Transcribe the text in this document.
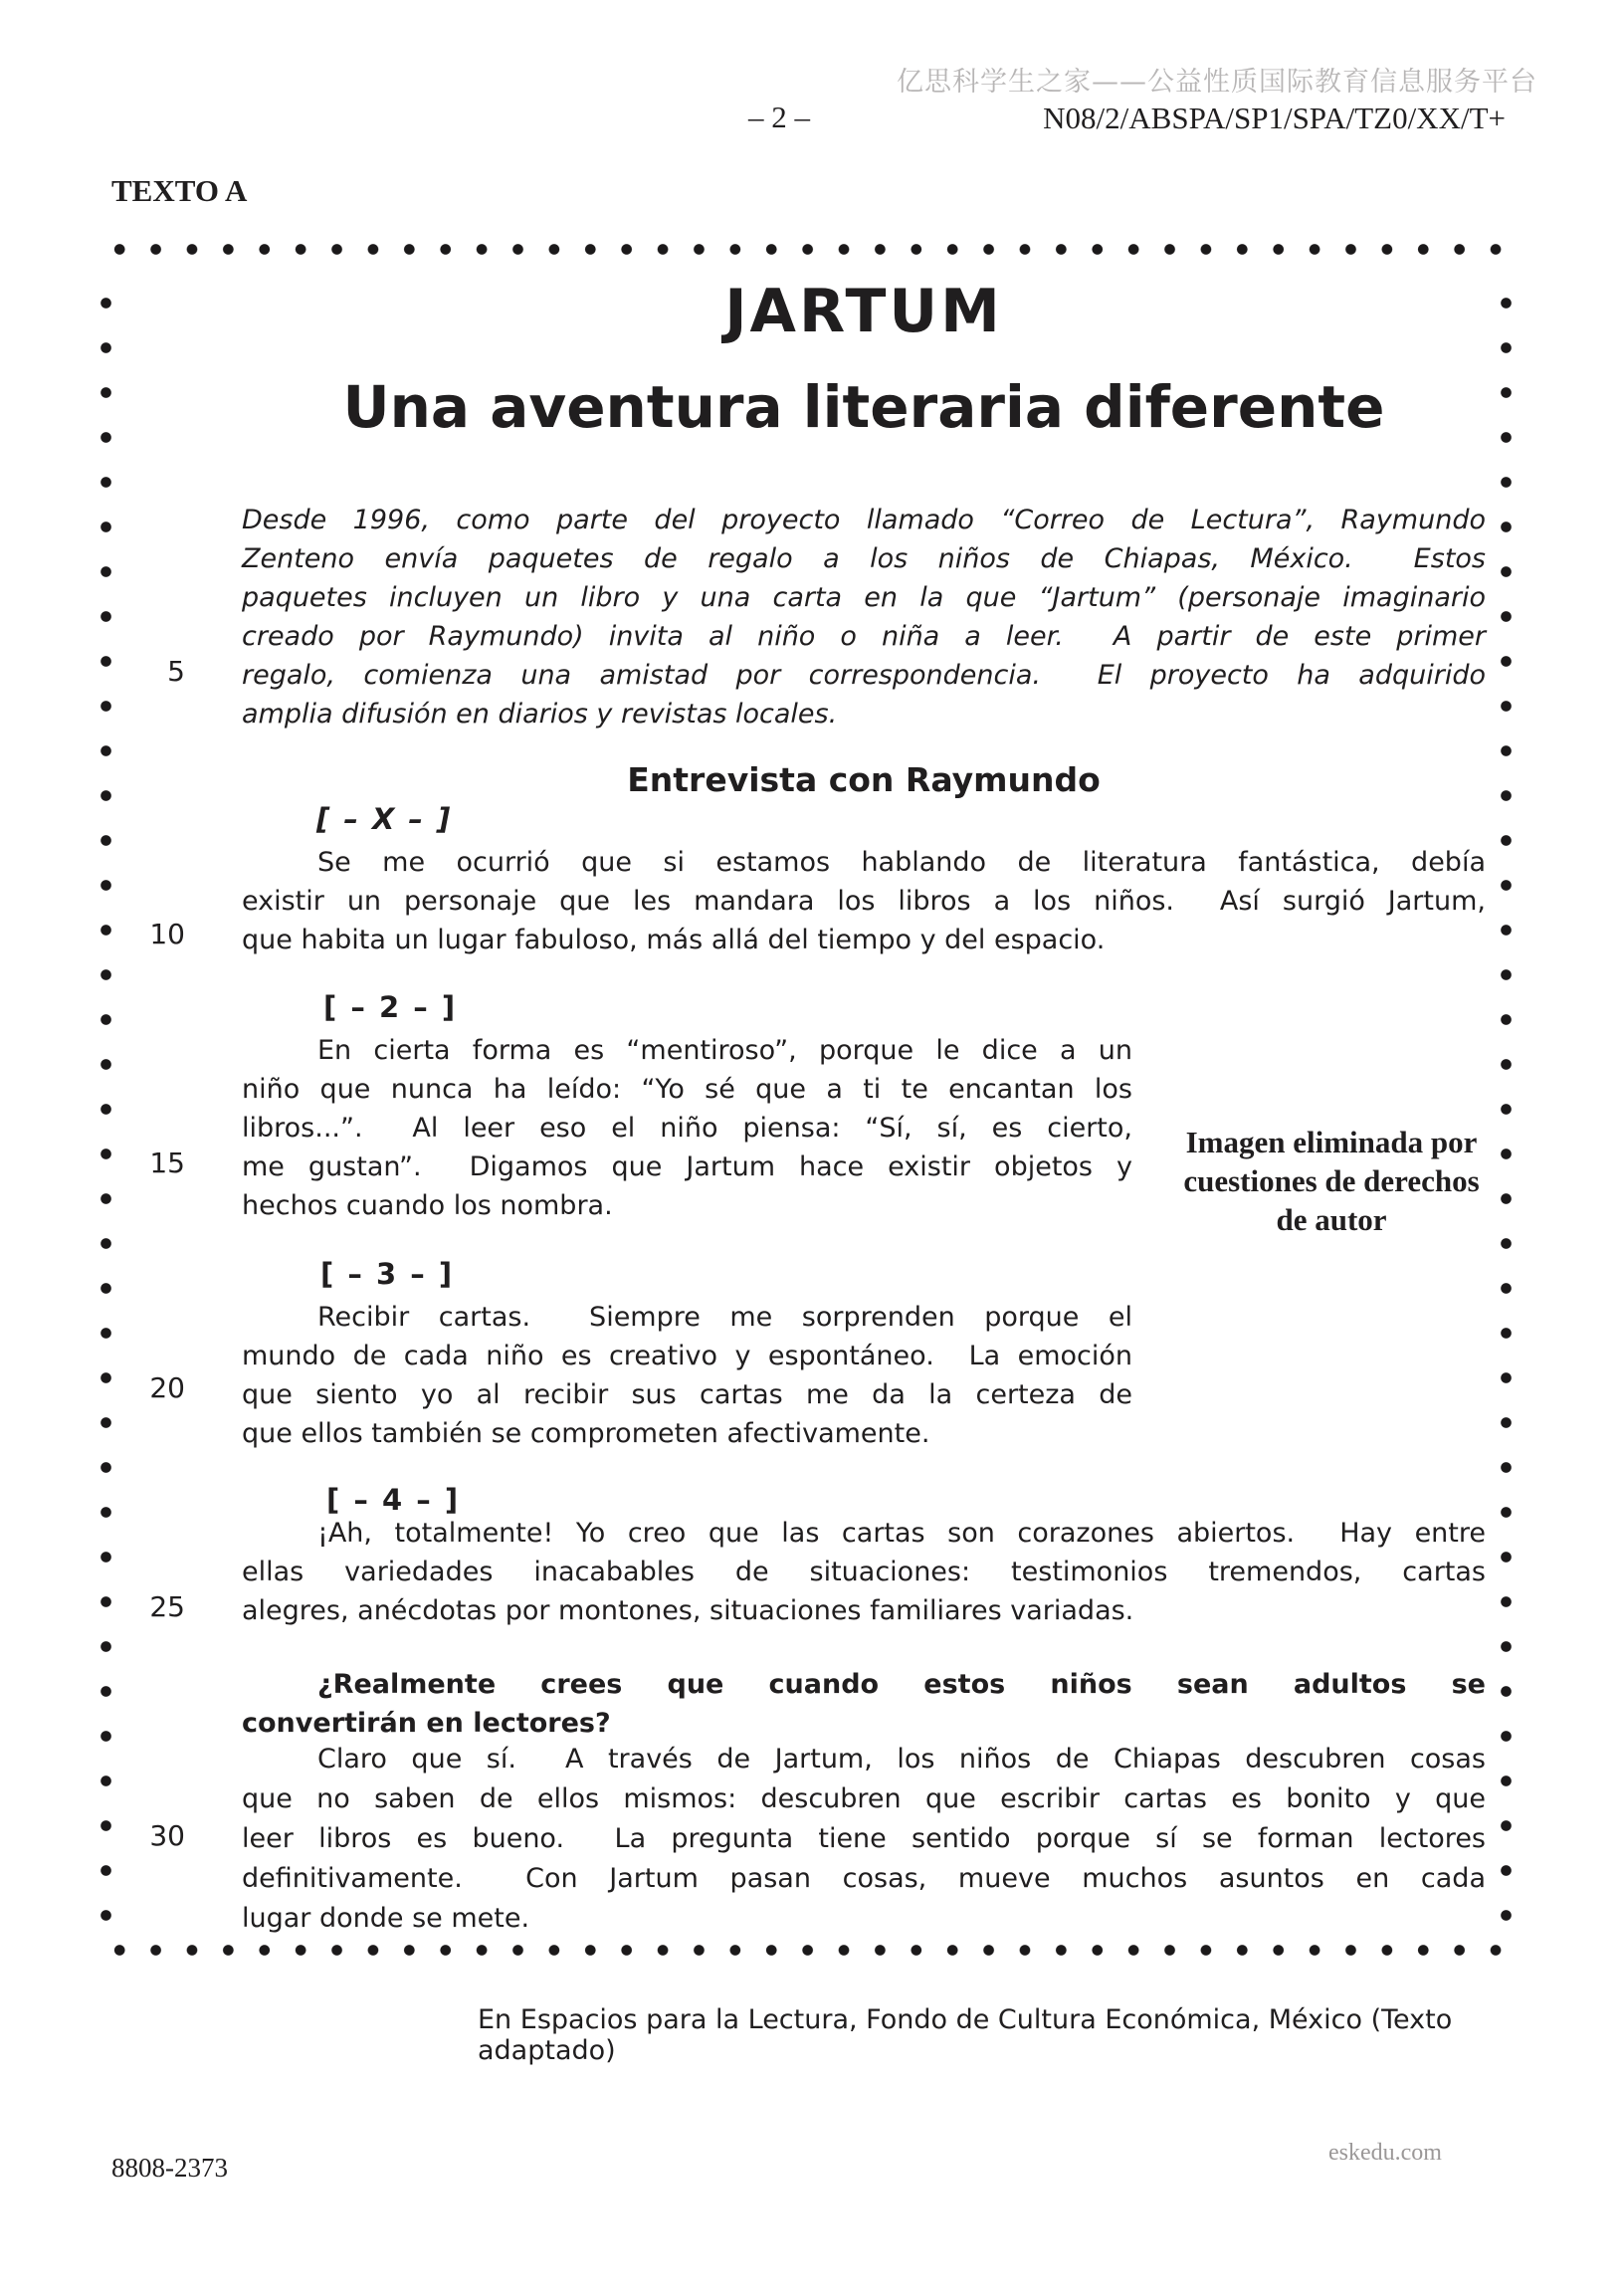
亿思科学生之家——公益性质国际教育信息服务平台
– 2 –	N08/2/ABSPA/SP1/SPA/TZ0/XX/T+
TEXTO A
JARTUM
Una aventura literaria diferente
5
10
15
20
25
30
Desde 1996, como parte del proyecto llamado “Correo de Lectura”, Raymundo
Zenteno envía paquetes de regalo a los niños de Chiapas, México.  Estos
paquetes incluyen un libro y una carta en la que “Jartum” (personaje imaginario
creado por Raymundo) invita al niño o niña a leer.  A partir de este primer
regalo, comienza una amistad por correspondencia.  El proyecto ha adquirido
amplia difusión en diarios y revistas locales.
Entrevista con Raymundo
[ – X – ]
Se me ocurrió que si estamos hablando de literatura fantástica, debía
existir un personaje que les mandara los libros a los niños.  Así surgió Jartum,
que habita un lugar fabuloso, más allá del tiempo y del espacio.
[ – 2 – ]
En cierta forma es “mentiroso”, porque le dice a un
niño que nunca ha leído: “Yo sé que a ti te encantan los
libros...”.  Al leer eso el niño piensa: “Sí, sí, es cierto,
me gustan”.  Digamos que Jartum hace existir objetos y
hechos cuando los nombra.
Imagen eliminada por
cuestiones de derechos
de autor
[ – 3 – ]
Recibir cartas.  Siempre me sorprenden porque el
mundo de cada niño es creativo y espontáneo.  La emoción
que siento yo al recibir sus cartas me da la certeza de
que ellos también se comprometen afectivamente.
[ – 4 – ]
¡Ah, totalmente! Yo creo que las cartas son corazones abiertos.  Hay entre
ellas variedades inacabables de situaciones: testimonios tremendos, cartas
alegres, anécdotas por montones, situaciones familiares variadas.
¿Realmente crees que cuando estos niños sean adultos se
convertirán en lectores?
Claro que sí.  A través de Jartum, los niños de Chiapas descubren cosas
que no saben de ellos mismos: descubren que escribir cartas es bonito y que
leer libros es bueno.  La pregunta tiene sentido porque sí se forman lectores
definitivamente.  Con Jartum pasan cosas, mueve muchos asuntos en cada
lugar donde se mete.
En Espacios para la Lectura, Fondo de Cultura Económica, México (Texto adaptado)
8808-2373	eskedu.com
